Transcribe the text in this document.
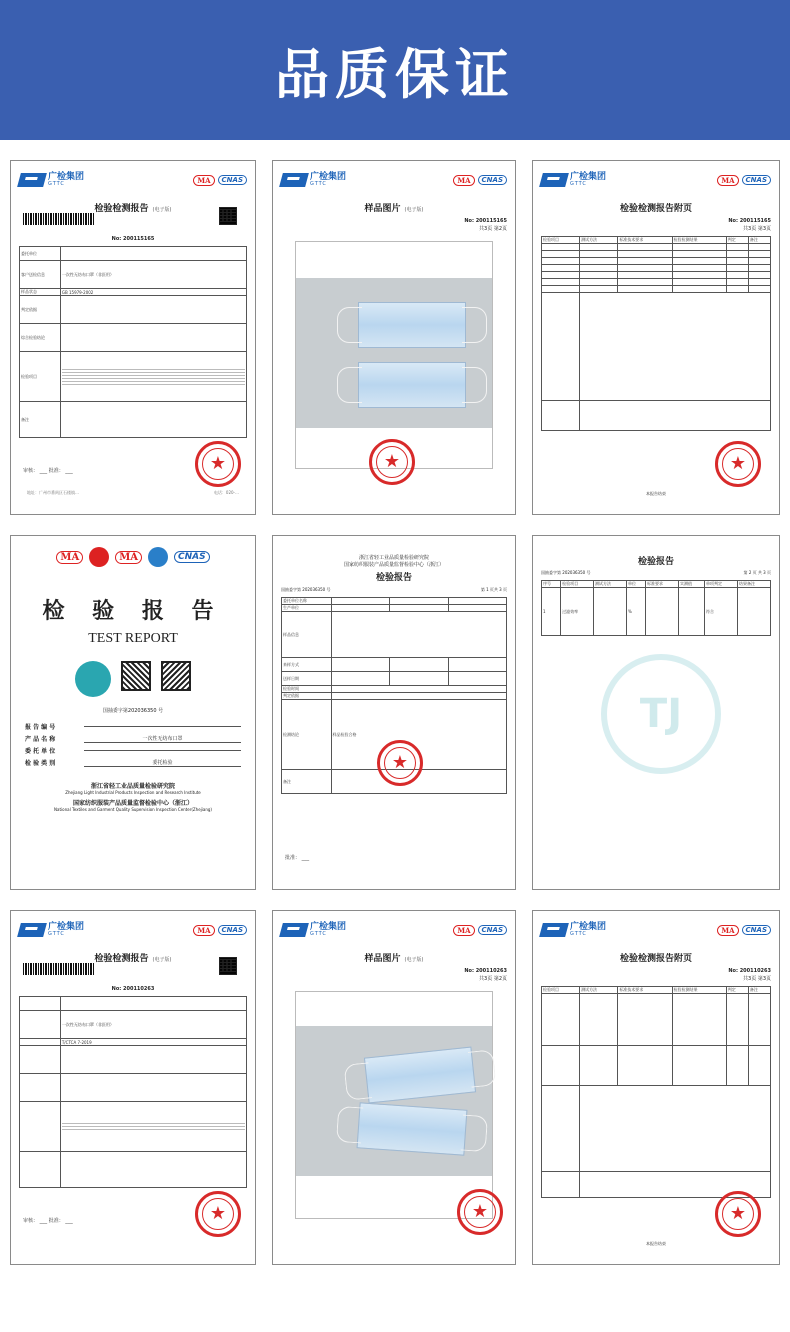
品质保证
广检集团
GTTC	MA	CNAS
检验检测报告 (电子版)
No: 200115165
委托单位	
客户送检信息	一次性无纺布口罩（非医用）
样品状态	GB 15979-2002
判定依据	
综合检验结论	
检验项目	

备注	
★
审核： ___ 批准： ___
地址：广州市番禺区石楼镇…	电话：020-…
广检集团
GTTC	MA	CNAS
样品图片 (电子版)
No: 200115165
共3页 第2页
★
广检集团
GTTC	MA	CNAS
检验检测报告附页
No: 200115165
共3页 第3页
检验项目	测试方法	标准技术要求	检验检测结果	判定	备注

★
本报告结束
MA	MA	CNAS
检 验 报 告
TEST REPORT
国抽委字第202036350 号
报 告 编 号
产 品 名 称	一次性无纺布口罩
委 托 单 位
检 验 类 别	委托检验
浙江省轻工业品质量检验研究院
Zhejiang Light Industrial Products Inspection and Research Institute
国家纺织服装产品质量监督检验中心（浙江）
National Textiles and Garment Quality Supervision Inspection Center(Zhejiang)
浙江省轻工业品质量检验研究院
国家纺织服装产品质量监督检验中心（浙江）
检验报告
国抽委字第 202036350 号	第 1 页共 3 页
委托单位名称			
生产单位			
样品信息			
来样方式			
送样日期			
检验时间			
判定依据			
检测结论	样品检验合格		
备注			
★
批准： ___
检验报告
国抽委字第 202036350 号	第 2 页 共 3 页
序号	检验项目	测试方法	单位	标准要求	实测值	单项判定	结果备注
1	过滤效率		%			符合	
TJ
广检集团
GTTC	MA	CNAS
检验检测报告 (电子版)
No: 200110263

	一次性无纺布口罩（非医用）
	T/CTCA 7-2019

★
审核： ___ 批准： ___
广检集团
GTTC	MA	CNAS
样品图片 (电子版)
No: 200110263
共3页 第2页
★
广检集团
GTTC	MA	CNAS
检验检测报告附页
No: 200110263
共3页 第3页
检验项目	测试方法	标准技术要求	检验检测结果	判定	备注

★
本报告结束
